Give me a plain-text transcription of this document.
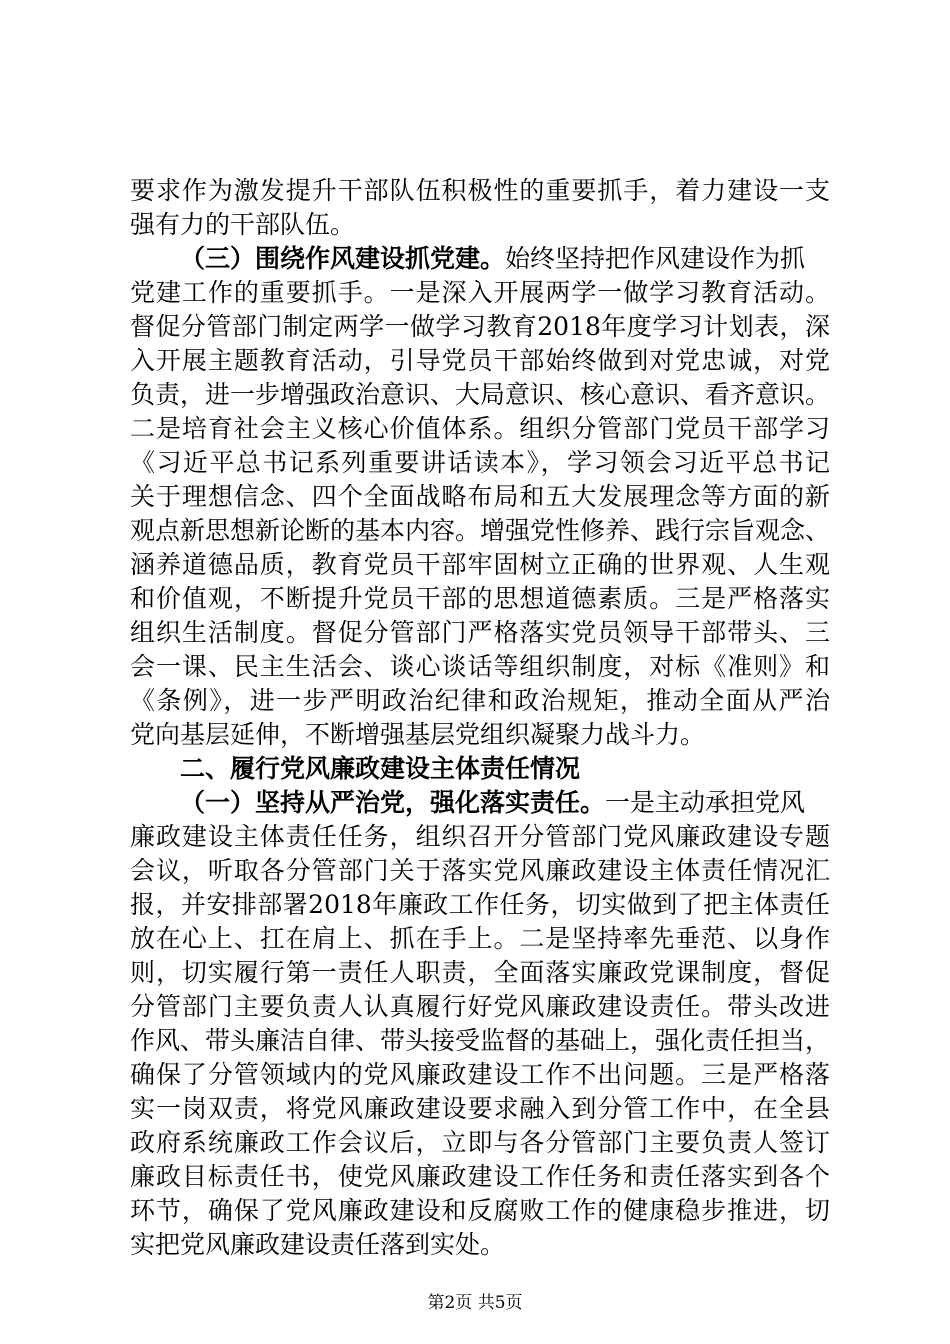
要求作为激发提升干部队伍积极性的重要抓手，着力建设一支
强有力的干部队伍。
（三）围绕作风建设抓党建。始终坚持把作风建设作为抓
党建工作的重要抓手。一是深入开展两学一做学习教育活动。
督促分管部门制定两学一做学习教育2018年度学习计划表，深
入开展主题教育活动，引导党员干部始终做到对党忠诚，对党
负责，进一步增强政治意识、大局意识、核心意识、看齐意识。
二是培育社会主义核心价值体系。组织分管部门党员干部学习
《习近平总书记系列重要讲话读本》，学习领会习近平总书记
关于理想信念、四个全面战略布局和五大发展理念等方面的新
观点新思想新论断的基本内容。增强党性修养、践行宗旨观念、
涵养道德品质，教育党员干部牢固树立正确的世界观、人生观
和价值观，不断提升党员干部的思想道德素质。三是严格落实
组织生活制度。督促分管部门严格落实党员领导干部带头、三
会一课、民主生活会、谈心谈话等组织制度，对标《准则》和
《条例》，进一步严明政治纪律和政治规矩，推动全面从严治
党向基层延伸，不断增强基层党组织凝聚力战斗力。
二、履行党风廉政建设主体责任情况
（一）坚持从严治党，强化落实责任。一是主动承担党风
廉政建设主体责任任务，组织召开分管部门党风廉政建设专题
会议，听取各分管部门关于落实党风廉政建设主体责任情况汇
报，并安排部署2018年廉政工作任务，切实做到了把主体责任
放在心上、扛在肩上、抓在手上。二是坚持率先垂范、以身作
则，切实履行第一责任人职责，全面落实廉政党课制度，督促
分管部门主要负责人认真履行好党风廉政建设责任。带头改进
作风、带头廉洁自律、带头接受监督的基础上，强化责任担当，
确保了分管领域内的党风廉政建设工作不出问题。三是严格落
实一岗双责，将党风廉政建设要求融入到分管工作中，在全县
政府系统廉政工作会议后，立即与各分管部门主要负责人签订
廉政目标责任书，使党风廉政建设工作任务和责任落实到各个
环节，确保了党风廉政建设和反腐败工作的健康稳步推进，切
实把党风廉政建设责任落到实处。
第2页 共5页
